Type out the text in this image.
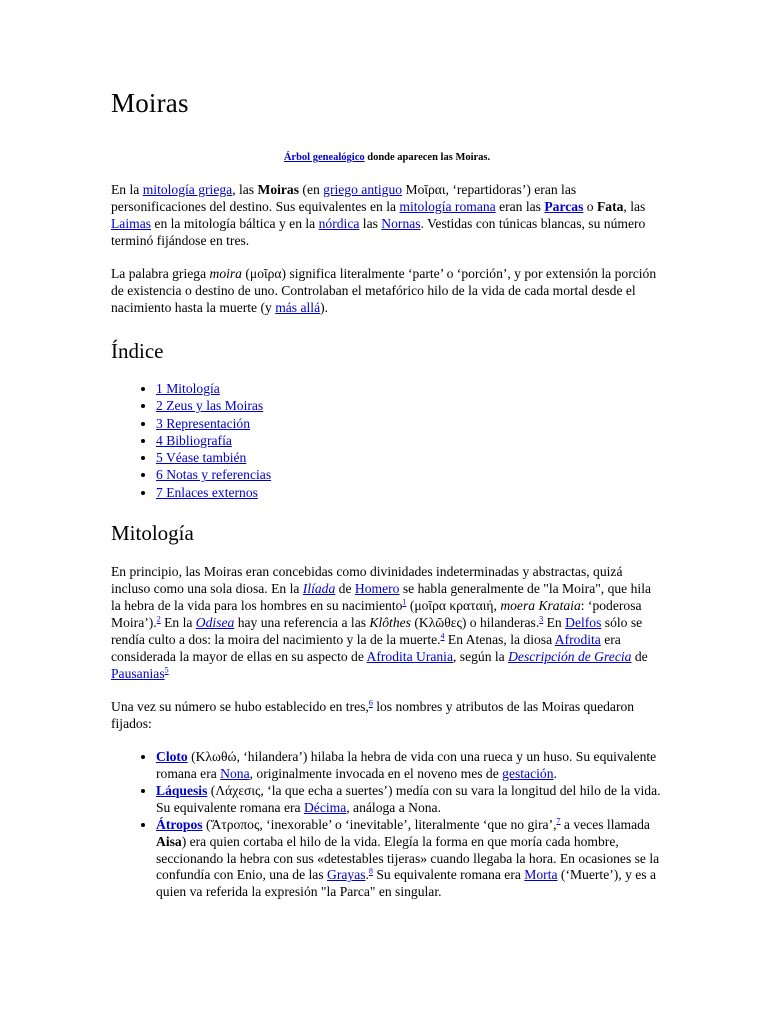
Moiras
Árbol genealógico donde aparecen las Moiras.

En la mitología griega, las Moiras (en griego antiguo Μοῖραι, ‘repartidoras’) eran las personificaciones del destino. Sus equivalentes en la mitología romana eran las Parcas o Fata, las Laimas en la mitología báltica y en la nórdica las Nornas. Vestidas con túnicas blancas, su número terminó fijándose en tres.

La palabra griega moira (μοῖρα) significa literalmente ‘parte’ o ‘porción’, y por extensión la porción de existencia o destino de uno. Controlaban el metafórico hilo de la vida de cada mortal desde el nacimiento hasta la muerte (y más allá).

Índice
• 1 Mitología
• 2 Zeus y las Moiras
• 3 Representación
• 4 Bibliografía
• 5 Véase también
• 6 Notas y referencias
• 7 Enlaces externos
Mitología

En principio, las Moiras eran concebidas como divinidades indeterminadas y abstractas, quizá incluso como una sola diosa. En la Ilíada de Homero se habla generalmente de "la Moira", que hila la hebra de la vida para los hombres en su nacimiento$^1$ (μοῖρα κραταιή, moera Krataia: ‘poderosa Moira’).$^2$ En la Odisea hay una referencia a las Klôthes (Κλῶθες) o hilanderas.$^3$ En Delfos sólo se rendía culto a dos: la moira del nacimiento y la de la muerte.$^4$ En Atenas, la diosa Afrodita era considerada la mayor de ellas en su aspecto de Afrodita Urania, según la Descripción de Grecia de Pausanias$^5$

Una vez su número se hubo establecido en tres,$^6$ los nombres y atributos de las Moiras quedaron fijados:

• Cloto (Κλωθώ, ‘hilandera’) hilaba la hebra de vida con una rueca y un huso. Su equivalente romana era Nona, originalmente invocada en el noveno mes de gestación.
• Láquesis (Λάχεσις, ‘la que echa a suertes’) medía con su vara la longitud del hilo de la vida. Su equivalente romana era Décima, análoga a Nona.
• Átropos (Ἄτροπος, ‘inexorable’ o ‘inevitable’, literalmente ‘que no gira’,$^7$ a veces llamada Aisa) era quien cortaba el hilo de la vida. Elegía la forma en que moría cada hombre, seccionando la hebra con sus «detestables tijeras» cuando llegaba la hora. En ocasiones se la confundía con Enio, una de las Grayas.$^8$ Su equivalente romana era Morta (‘Muerte’), y es a quien va referida la expresión "la Parca" en singular.
